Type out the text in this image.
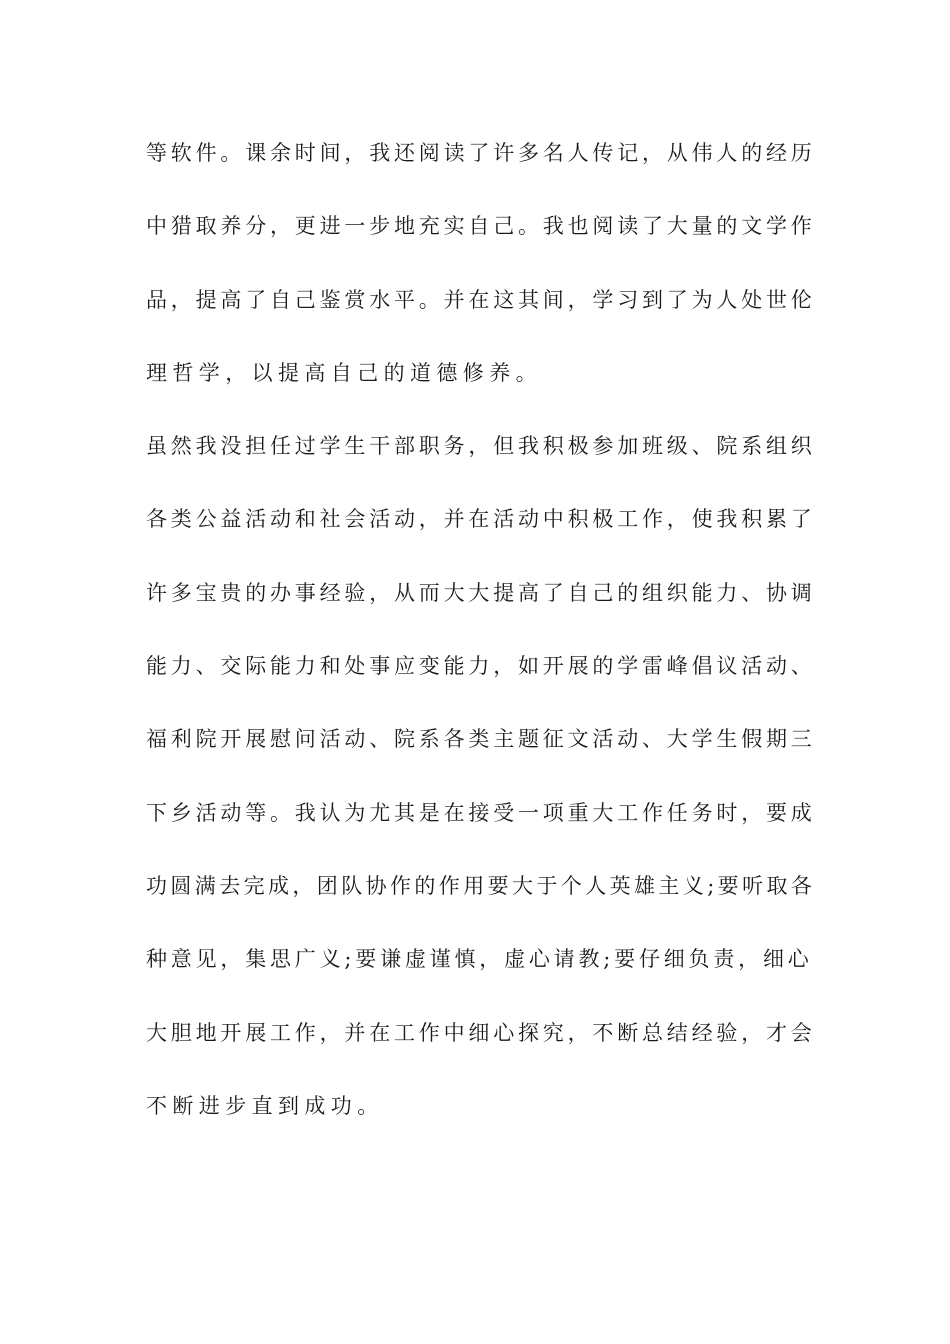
等软件。课余时间，我还阅读了许多名人传记，从伟人的经历
中猎取养分，更进一步地充实自己。我也阅读了大量的文学作
品，提高了自己鉴赏水平。并在这其间，学习到了为人处世伦
理哲学，以提高自己的道德修养。
虽然我没担任过学生干部职务，但我积极参加班级、院系组织
各类公益活动和社会活动，并在活动中积极工作，使我积累了
许多宝贵的办事经验，从而大大提高了自己的组织能力、协调
能力、交际能力和处事应变能力，如开展的学雷峰倡议活动、
福利院开展慰问活动、院系各类主题征文活动、大学生假期三
下乡活动等。我认为尤其是在接受一项重大工作任务时，要成
功圆满去完成，团队协作的作用要大于个人英雄主义;要听取各
种意见，集思广义;要谦虚谨慎，虚心请教;要仔细负责，细心
大胆地开展工作，并在工作中细心探究，不断总结经验，才会
不断进步直到成功。
